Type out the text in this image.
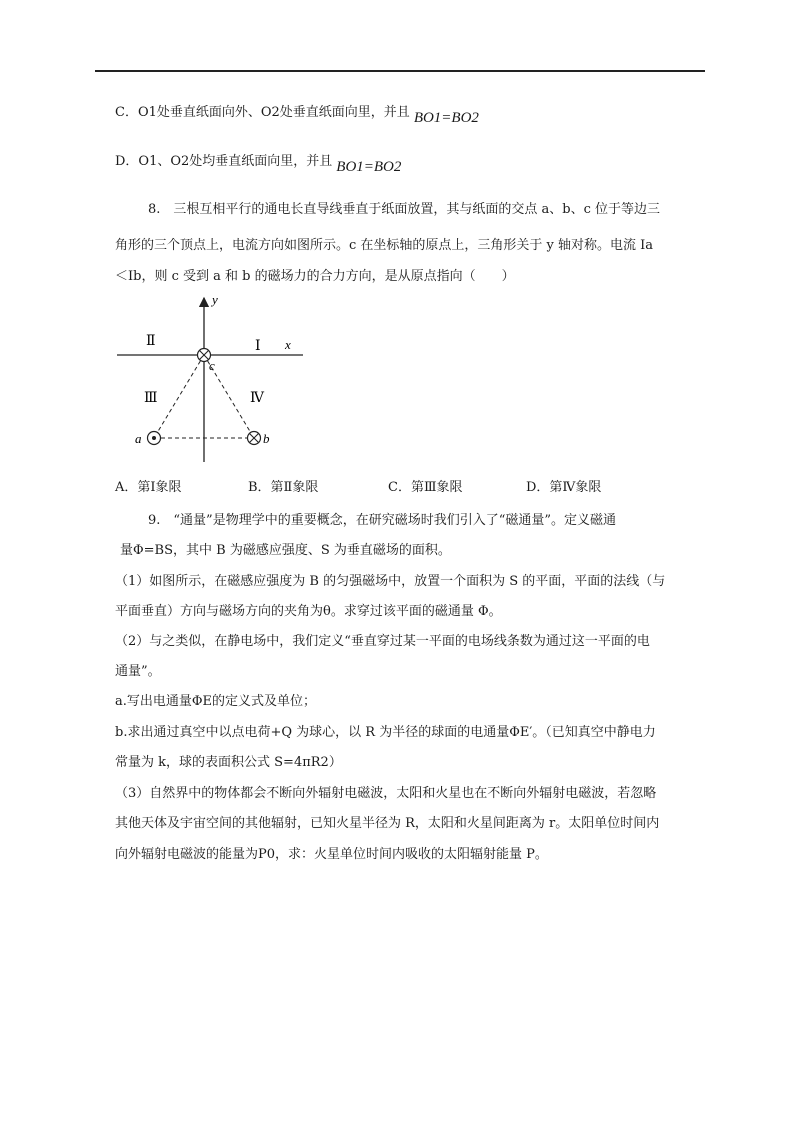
C．O1处垂直纸面向外、O2处垂直纸面向里，并且 BO1=BO2
D．O1、O2处均垂直纸面向里，并且 BO1=BO2
8.　三根互相平行的通电长直导线垂直于纸面放置，其与纸面的交点 a、b、c 位于等边三
角形的三个顶点上，电流方向如图所示。c 在坐标轴的原点上，三角形关于 y 轴对称。电流 Ia
＜Ib，则 c 受到 a 和 b 的磁场力的合力方向，是从原点指向（　　）
y
x
Ⅰ
Ⅱ
Ⅲ	Ⅳ
c
a	b
A．第Ⅰ象限	B．第Ⅱ象限	C．第Ⅲ象限	D．第Ⅳ象限
9.　“通量”是物理学中的重要概念，在研究磁场时我们引入了“磁通量”。定义磁通
量Φ=BS，其中 B 为磁感应强度、S 为垂直磁场的面积。
（1）如图所示，在磁感应强度为 B 的匀强磁场中，放置一个面积为 S 的平面，平面的法线（与
平面垂直）方向与磁场方向的夹角为θ。求穿过该平面的磁通量 Φ。
（2）与之类似，在静电场中，我们定义“垂直穿过某一平面的电场线条数为通过这一平面的电
通量”。
a.写出电通量ΦE的定义式及单位；
b.求出通过真空中以点电荷+Q 为球心，以 R 为半径的球面的电通量ΦE′。（已知真空中静电力
常量为 k，球的表面积公式 S=4πR2）
（3）自然界中的物体都会不断向外辐射电磁波，太阳和火星也在不断向外辐射电磁波，若忽略
其他天体及宇宙空间的其他辐射，已知火星半径为 R，太阳和火星间距离为 r。太阳单位时间内
向外辐射电磁波的能量为P0，求：火星单位时间内吸收的太阳辐射能量 P。
